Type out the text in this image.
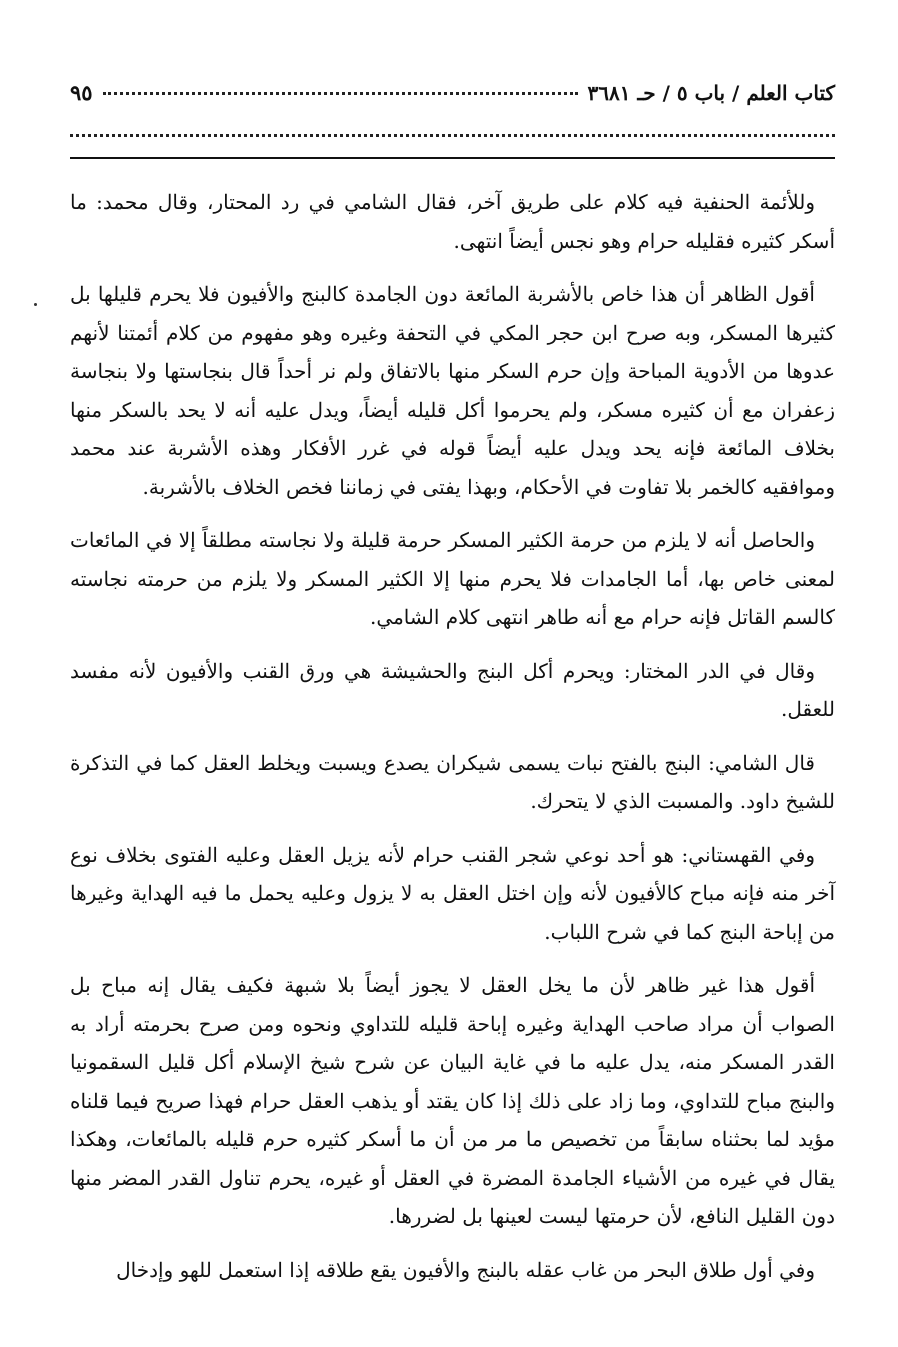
كتاب العلم / باب ٥ / حـ ٣٦٨١
٩٥

وللأئمة الحنفية فيه كلام على طريق آخر، فقال الشامي في رد المحتار، وقال محمد: ما أسكر كثيره فقليله حرام وهو نجس أيضاً انتهى.

أقول الظاهر أن هذا خاص بالأشربة المائعة دون الجامدة كالبنج والأفيون فلا يحرم قليلها بل كثيرها المسكر، وبه صرح ابن حجر المكي في التحفة وغيره وهو مفهوم من كلام أئمتنا لأنهم عدوها من الأدوية المباحة وإن حرم السكر منها بالاتفاق ولم نر أحداً قال بنجاستها ولا بنجاسة زعفران مع أن كثيره مسكر، ولم يحرموا أكل قليله أيضاً، ويدل عليه أنه لا يحد بالسكر منها بخلاف المائعة فإنه يحد ويدل عليه أيضاً قوله في غرر الأفكار وهذه الأشربة عند محمد وموافقيه كالخمر بلا تفاوت في الأحكام، وبهذا يفتى في زماننا فخص الخلاف بالأشربة.

والحاصل أنه لا يلزم من حرمة الكثير المسكر حرمة قليلة ولا نجاسته مطلقاً إلا في المائعات لمعنى خاص بها، أما الجامدات فلا يحرم منها إلا الكثير المسكر ولا يلزم من حرمته نجاسته كالسم القاتل فإنه حرام مع أنه طاهر انتهى كلام الشامي.

وقال في الدر المختار: ويحرم أكل البنج والحشيشة هي ورق القنب والأفيون لأنه مفسد للعقل.

قال الشامي: البنج بالفتح نبات يسمى شيكران يصدع ويسبت ويخلط العقل كما في التذكرة للشيخ داود. والمسبت الذي لا يتحرك.

وفي القهستاني: هو أحد نوعي شجر القنب حرام لأنه يزيل العقل وعليه الفتوى بخلاف نوع آخر منه فإنه مباح كالأفيون لأنه وإن اختل العقل به لا يزول وعليه يحمل ما فيه الهداية وغيرها من إباحة البنج كما في شرح اللباب.

أقول هذا غير ظاهر لأن ما يخل العقل لا يجوز أيضاً بلا شبهة فكيف يقال إنه مباح بل الصواب أن مراد صاحب الهداية وغيره إباحة قليله للتداوي ونحوه ومن صرح بحرمته أراد به القدر المسكر منه، يدل عليه ما في غاية البيان عن شرح شيخ الإسلام أكل قليل السقمونيا والبنج مباح للتداوي، وما زاد على ذلك إذا كان يقتد أو يذهب العقل حرام فهذا صريح فيما قلناه مؤيد لما بحثناه سابقاً من تخصيص ما مر من أن ما أسكر كثيره حرم قليله بالمائعات، وهكذا يقال في غيره من الأشياء الجامدة المضرة في العقل أو غيره، يحرم تناول القدر المضر منها دون القليل النافع، لأن حرمتها ليست لعينها بل لضررها.

وفي أول طلاق البحر من غاب عقله بالبنج والأفيون يقع طلاقه إذا استعمل للهو وإدخال
